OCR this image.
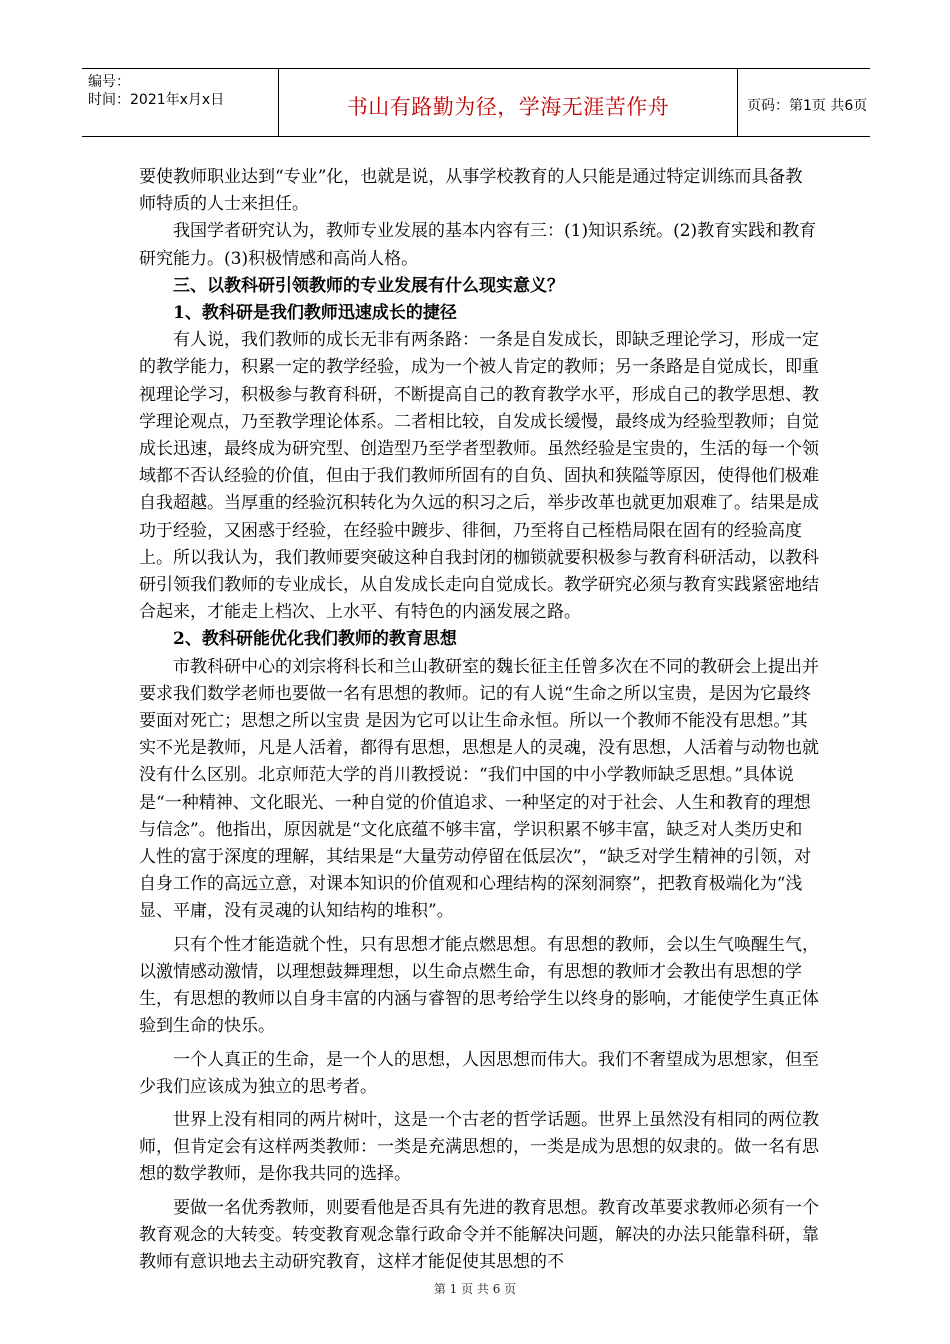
编号：
时间：2021年x月x日	书山有路勤为径，学海无涯苦作舟	页码：第1页 共6页

要使教师职业达到“专业”化，也就是说，从事学校教育的人只能是通过特定训练而具备教师特质的人士来担任。

我国学者研究认为，教师专业发展的基本内容有三：(1)知识系统。(2)教育实践和教育研究能力。(3)积极情感和高尚人格。

三、以教科研引领教师的专业发展有什么现实意义？
1、教科研是我们教师迅速成长的捷径

有人说，我们教师的成长无非有两条路：一条是自发成长，即缺乏理论学习，形成一定的教学能力，积累一定的教学经验，成为一个被人肯定的教师；另一条路是自觉成长，即重视理论学习，积极参与教育科研，不断提高自己的教育教学水平，形成自己的教学思想、教学理论观点，乃至教学理论体系。二者相比较，自发成长缓慢，最终成为经验型教师；自觉成长迅速，最终成为研究型、创造型乃至学者型教师。虽然经验是宝贵的，生活的每一个领域都不否认经验的价值，但由于我们教师所固有的自负、固执和狭隘等原因，使得他们极难自我超越。当厚重的经验沉积转化为久远的积习之后，举步改革也就更加艰难了。结果是成功于经验，又困惑于经验，在经验中踱步、徘徊，乃至将自己桎梏局限在固有的经验高度上。所以我认为，我们教师要突破这种自我封闭的枷锁就要积极参与教育科研活动，以教科研引领我们教师的专业成长，从自发成长走向自觉成长。教学研究必须与教育实践紧密地结合起来，才能走上档次、上水平、有特色的内涵发展之路。

2、教科研能优化我们教师的教育思想

市教科研中心的刘宗将科长和兰山教研室的魏长征主任曾多次在不同的教研会上提出并要求我们数学老师也要做一名有思想的教师。记的有人说“生命之所以宝贵，是因为它最终要面对死亡；思想之所以宝贵 是因为它可以让生命永恒。所以一个教师不能没有思想。”其实不光是教师，凡是人活着，都得有思想，思想是人的灵魂，没有思想，人活着与动物也就没有什么区别。北京师范大学的肖川教授说：“我们中国的中小学教师缺乏思想。”具体说是“一种精神、文化眼光、一种自觉的价值追求、一种坚定的对于社会、人生和教育的理想与信念”。他指出，原因就是“文化底蕴不够丰富，学识积累不够丰富，缺乏对人类历史和人性的富于深度的理解，其结果是“大量劳动停留在低层次”，“缺乏对学生精神的引领，对自身工作的高远立意，对课本知识的价值观和心理结构的深刻洞察”，把教育极端化为“浅显、平庸，没有灵魂的认知结构的堆积”。

只有个性才能造就个性，只有思想才能点燃思想。有思想的教师，会以生气唤醒生气，以激情感动激情，以理想鼓舞理想，以生命点燃生命，有思想的教师才会教出有思想的学生，有思想的教师以自身丰富的内涵与睿智的思考给学生以终身的影响，才能使学生真正体验到生命的快乐。

一个人真正的生命，是一个人的思想，人因思想而伟大。我们不奢望成为思想家，但至少我们应该成为独立的思考者。

世界上没有相同的两片树叶，这是一个古老的哲学话题。世界上虽然没有相同的两位教师，但肯定会有这样两类教师：一类是充满思想的，一类是成为思想的奴隶的。做一名有思想的数学教师，是你我共同的选择。

要做一名优秀教师，则要看他是否具有先进的教育思想。教育改革要求教师必须有一个教育观念的大转变。转变教育观念靠行政命令并不能解决问题，解决的办法只能靠科研，靠教师有意识地去主动研究教育，这样才能促使其思想的不

第 1 页 共 6 页
